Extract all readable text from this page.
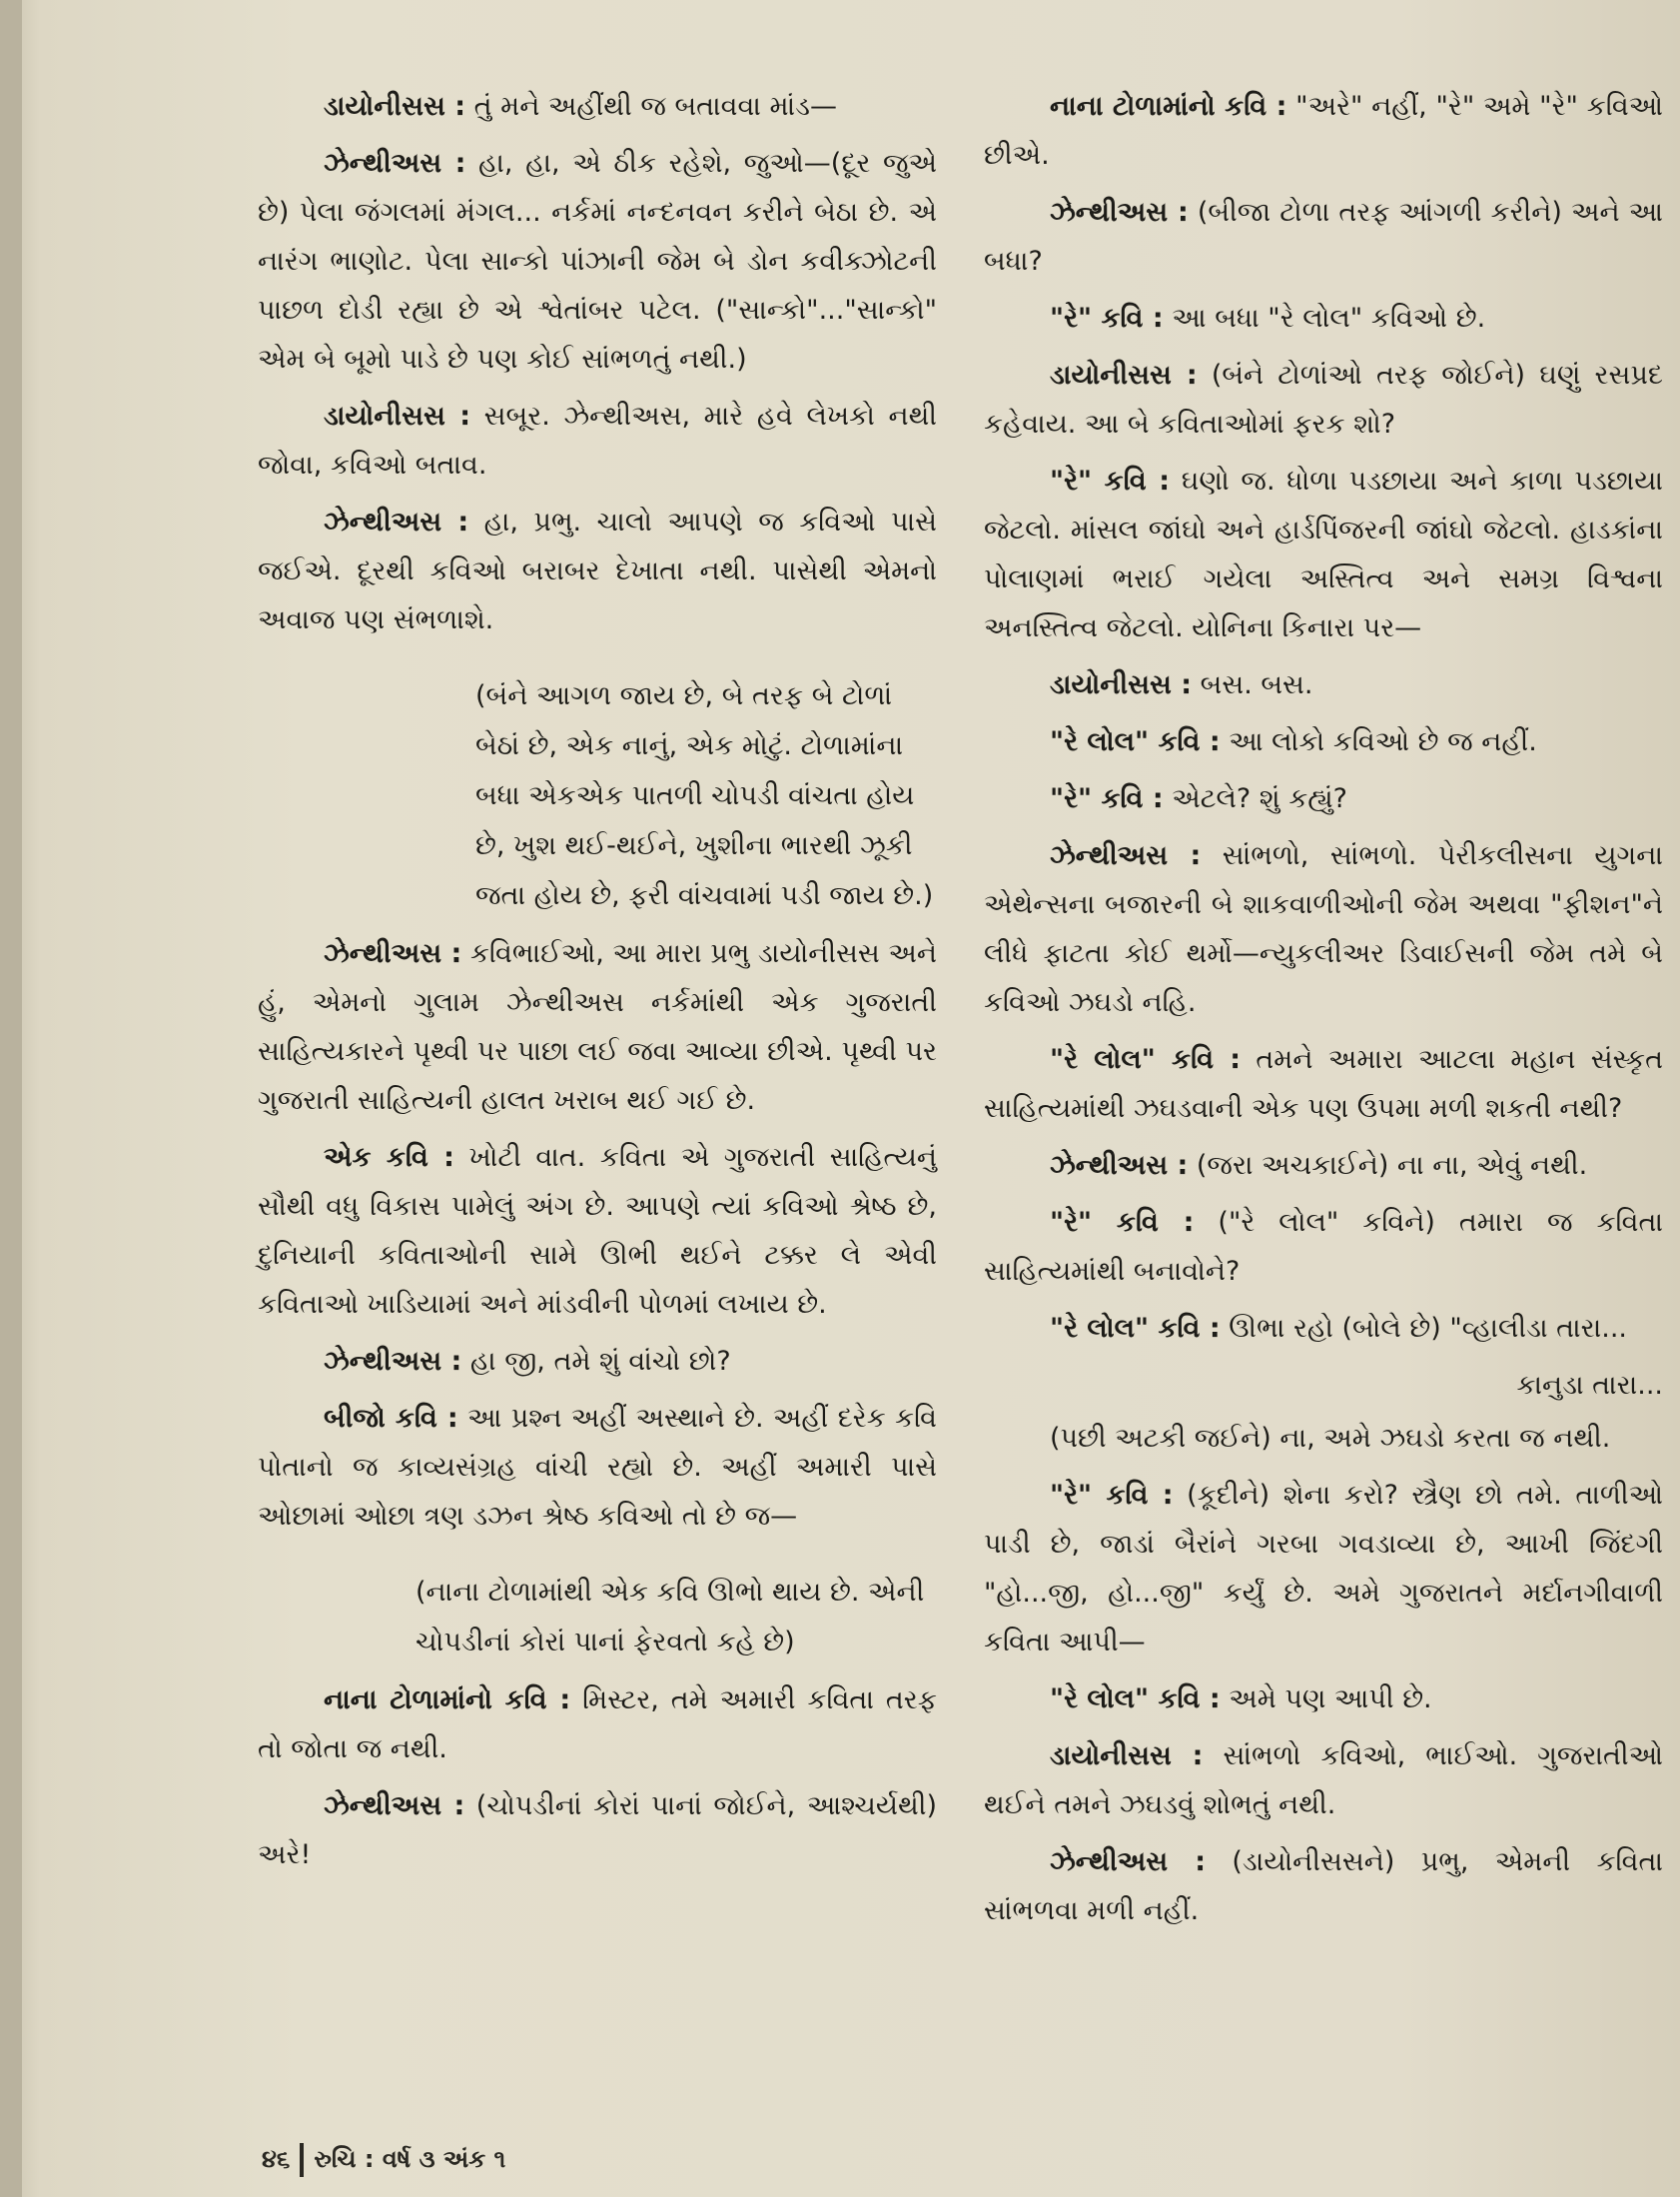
ડાયોનીસસ : તું મને અહીંથી જ બતાવવા માંડ—

ઝેન્થીઅસ : હા, હા, એ ઠીક રહેશે, જુઓ—(દૂર જુએ છે) પેલા જંગલમાં મંગલ... નર્કમાં નન્દનવન કરીને બેઠા છે. એ નારંગ ભાણોટ. પેલા સાન્કો પાંઝાની જેમ બે ડોન કવીક્ઝોટની પાછળ દોડી રહ્યા છે એ શ્વેતાંબર પટેલ. ("સાન્કો"..."સાન્કો" એમ બે બૂમો પાડે છે પણ કોઈ સાંભળતું નથી.)

ડાયોનીસસ : સબૂર. ઝેન્થીઅસ, મારે હવે લેખકો નથી જોવા, કવિઓ બતાવ.

ઝેન્થીઅસ : હા, પ્રભુ. ચાલો આપણે જ કવિઓ પાસે જઈએ. દૂરથી કવિઓ બરાબર દેખાતા નથી. પાસેથી એમનો અવાજ પણ સંભળાશે.

(બંને આગળ જાય છે, બે તરફ બે ટોળાં બેઠાં છે, એક નાનું, એક મોટું. ટોળામાંના બધા એકએક પાતળી ચોપડી વાંચતા હોય છે, ખુશ થઈ-થઈને, ખુશીના ભારથી ઝૂકી જતા હોય છે, ફરી વાંચવામાં પડી જાય છે.)

ઝેન્થીઅસ : કવિભાઈઓ, આ મારા પ્રભુ ડાયોનીસસ અને હું, એમનો ગુલામ ઝેન્થીઅસ નર્કમાંથી એક ગુજરાતી સાહિત્યકારને પૃથ્વી પર પાછા લઈ જવા આવ્યા છીએ. પૃથ્વી પર ગુજરાતી સાહિત્યની હાલત ખરાબ થઈ ગઈ છે.

એક કવિ : ખોટી વાત. કવિતા એ ગુજરાતી સાહિત્યનું સૌથી વધુ વિકાસ પામેલું અંગ છે. આપણે ત્યાં કવિઓ શ્રેષ્ઠ છે, દુનિયાની કવિતાઓની સામે ઊભી થઈને ટક્કર લે એવી કવિતાઓ ખાડિયામાં અને માંડવીની પોળમાં લખાય છે.

ઝેન્થીઅસ : હા જી, તમે શું વાંચો છો?

બીજો કવિ : આ પ્રશ્ન અહીં અસ્થાને છે. અહીં દરેક કવિ પોતાનો જ કાવ્યસંગ્રહ વાંચી રહ્યો છે. અહીં અમારી પાસે ઓછામાં ઓછા ત્રણ ડઝન શ્રેષ્ઠ કવિઓ તો છે જ—

(નાના ટોળામાંથી એક કવિ ઊભો થાય છે. એની ચોપડીનાં કોરાં પાનાં ફેરવતો કહે છે)

નાના ટોળામાંનો કવિ : મિસ્ટર, તમે અમારી કવિતા તરફ તો જોતા જ નથી.

ઝેન્થીઅસ : (ચોપડીનાં કોરાં પાનાં જોઈને, આશ્ચર્યથી) અરે!

નાના ટોળામાંનો કવિ : "અરે" નહીં, "રે" અમે "રે" કવિઓ છીએ.

ઝેન્થીઅસ : (બીજા ટોળા તરફ આંગળી કરીને) અને આ બધા?

"રે" કવિ : આ બધા "રે લોલ" કવિઓ છે.

ડાયોનીસસ : (બંને ટોળાંઓ તરફ જોઈને) ઘણું રસપ્રદ કહેવાય. આ બે કવિતાઓમાં ફરક શો?

"રે" કવિ : ઘણો જ. ધોળા પડછાયા અને કાળા પડછાયા જેટલો. માંસલ જાંઘો અને હાર્ડપિંજરની જાંઘો જેટલો. હાડકાંના પોલાણમાં ભરાઈ ગયેલા અસ્તિત્વ અને સમગ્ર વિશ્વના અનસ્તિત્વ જેટલો. યોનિના કિનારા પર—

ડાયોનીસસ : બસ. બસ.

"રે લોલ" કવિ : આ લોકો કવિઓ છે જ નહીં.

"રે" કવિ : એટલે? શું કહ્યું?

ઝેન્થીઅસ : સાંભળો, સાંભળો. પેરીકલીસના યુગના એથેન્સના બજારની બે શાકવાળીઓની જેમ અથવા "ફીશન"ને લીધે ફાટતા કોઈ થર્મો—ન્યુકલીઅર ડિવાઈસની જેમ તમે બે કવિઓ ઝઘડો નહિ.

"રે લોલ" કવિ : તમને અમારા આટલા મહાન સંસ્કૃત સાહિત્યમાંથી ઝઘડવાની એક પણ ઉપમા મળી શકતી નથી?

ઝેન્થીઅસ : (જરા અચકાઈને) ના ના, એવું નથી.

"રે" કવિ : ("રે લોલ" કવિને) તમારા જ કવિતા સાહિત્યમાંથી બનાવોને?

"રે લોલ" કવિ : ઊભા રહો (બોલે છે) "વ્હાલીડા તારા...

કાનુડા તારા...

(પછી અટકી જઈને) ના, અમે ઝઘડો કરતા જ નથી.

"રે" કવિ : (કૂદીને) શેના કરો? સ્ત્રૈણ છો તમે. તાળીઓ પાડી છે, જાડાં બૈરાંને ગરબા ગવડાવ્યા છે, આખી જિંદગી "હો...જી, હો...જી" કર્યું છે. અમે ગુજરાતને મર્દાનગીવાળી કવિતા આપી—

"રે લોલ" કવિ : અમે પણ આપી છે.

ડાયોનીસસ : સાંભળો કવિઓ, ભાઈઓ. ગુજરાતીઓ થઈને તમને ઝઘડવું શોભતું નથી.

ઝેન્થીઅસ : (ડાયોનીસસને) પ્રભુ, એમની કવિતા સાંભળવા મળી નહીં.

૪૬ રુચિ : વર્ષ ૩ અંક ૧
